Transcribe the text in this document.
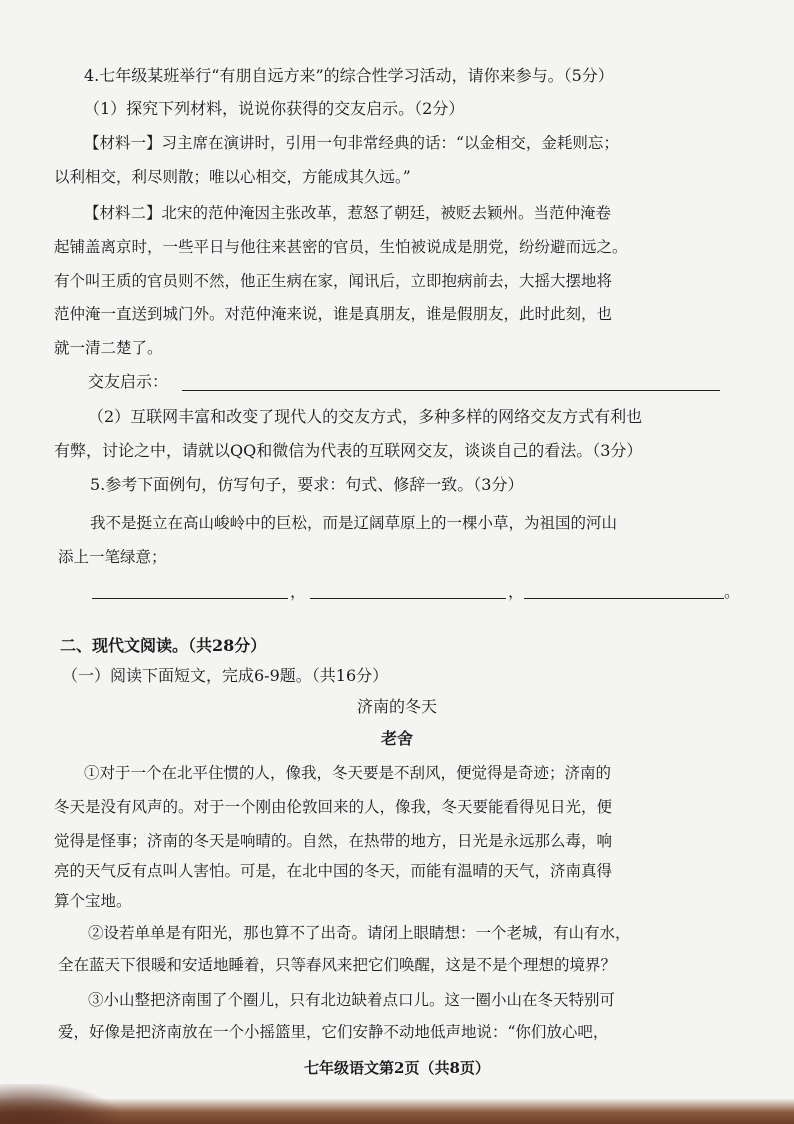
4.七年级某班举行“有朋自远方来”的综合性学习活动，请你来参与。（5分）
（1）探究下列材料，说说你获得的交友启示。（2分）
【材料一】习主席在演讲时，引用一句非常经典的话：“以金相交，金耗则忘；
以利相交，利尽则散；唯以心相交，方能成其久远。”
【材料二】北宋的范仲淹因主张改革，惹怒了朝廷，被贬去颖州。当范仲淹卷
起铺盖离京时，一些平日与他往来甚密的官员，生怕被说成是朋党，纷纷避而远之。
有个叫王质的官员则不然，他正生病在家，闻讯后，立即抱病前去，大摇大摆地将
范仲淹一直送到城门外。对范仲淹来说，谁是真朋友，谁是假朋友，此时此刻，也
就一清二楚了。
交友启示：
（2）互联网丰富和改变了现代人的交友方式，多种多样的网络交友方式有利也
有弊，讨论之中，请就以QQ和微信为代表的互联网交友，谈谈自己的看法。（3分）
5.参考下面例句，仿写句子，要求：句式、修辞一致。（3分）
我不是挺立在高山峻岭中的巨松，而是辽阔草原上的一棵小草，为祖国的河山
添上一笔绿意；
，	，	。
二、现代文阅读。（共28分）
（一）阅读下面短文，完成6-9题。（共16分）
济南的冬天
老舍
①对于一个在北平住惯的人，像我，冬天要是不刮风，便觉得是奇迹；济南的
冬天是没有风声的。对于一个刚由伦敦回来的人，像我，冬天要能看得见日光，便
觉得是怪事；济南的冬天是响晴的。自然，在热带的地方，日光是永远那么毒，响
亮的天气反有点叫人害怕。可是，在北中国的冬天，而能有温晴的天气，济南真得
算个宝地。
②设若单单是有阳光，那也算不了出奇。请闭上眼睛想：一个老城，有山有水，
全在蓝天下很暖和安适地睡着，只等春风来把它们唤醒，这是不是个理想的境界？
③小山整把济南围了个圈儿，只有北边缺着点口儿。这一圈小山在冬天特别可
爱，好像是把济南放在一个小摇篮里，它们安静不动地低声地说：“你们放心吧，
七年级语文第2页（共8页）
